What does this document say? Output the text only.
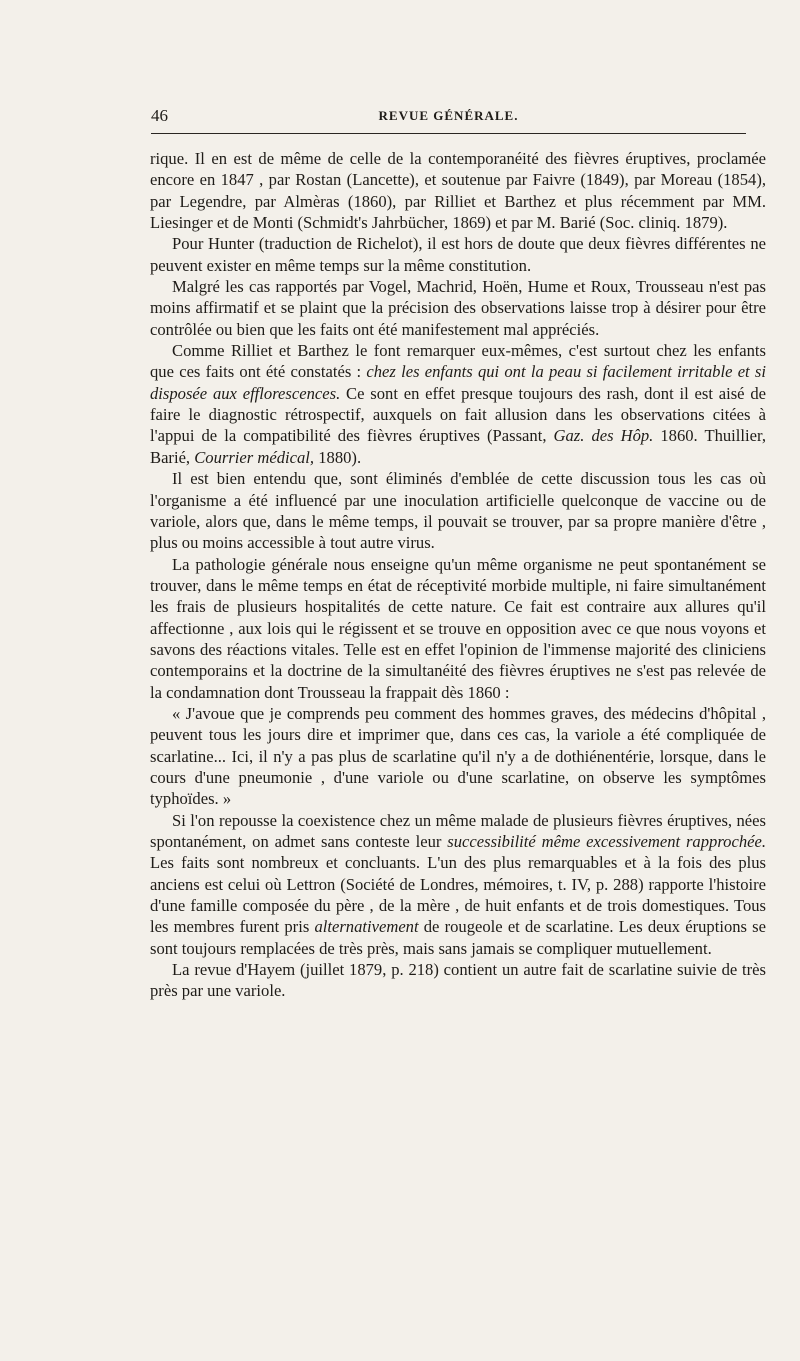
46	REVUE GÉNÉRALE.

rique. Il en est de même de celle de la contemporanéité des fièvres éruptives, proclamée encore en 1847 , par Rostan (Lancette), et soutenue par Faivre (1849), par Moreau (1854), par Legendre, par Almèras (1860), par Rilliet et Barthez et plus récemment par MM. Liesinger et de Monti (Schmidt's Jahrbücher, 1869) et par M. Barié (Soc. cliniq. 1879).

Pour Hunter (traduction de Richelot), il est hors de doute que deux fièvres différentes ne peuvent exister en même temps sur la même constitution.

Malgré les cas rapportés par Vogel, Machrid, Hoën, Hume et Roux, Trousseau n'est pas moins affirmatif et se plaint que la précision des observations laisse trop à désirer pour être contrôlée ou bien que les faits ont été manifestement mal appréciés.

Comme Rilliet et Barthez le font remarquer eux-mêmes, c'est surtout chez les enfants que ces faits ont été constatés : chez les enfants qui ont la peau si facilement irritable et si disposée aux efflorescences. Ce sont en effet presque toujours des rash, dont il est aisé de faire le diagnostic rétrospectif, auxquels on fait allusion dans les observations citées à l'appui de la compatibilité des fièvres éruptives (Passant, Gaz. des Hôp. 1860. Thuillier, Barié, Courrier médical, 1880).

Il est bien entendu que, sont éliminés d'emblée de cette discussion tous les cas où l'organisme a été influencé par une inoculation artificielle quelconque de vaccine ou de variole, alors que, dans le même temps, il pouvait se trouver, par sa propre manière d'être , plus ou moins accessible à tout autre virus.

La pathologie générale nous enseigne qu'un même organisme ne peut spontanément se trouver, dans le même temps en état de réceptivité morbide multiple, ni faire simultanément les frais de plusieurs hospitalités de cette nature. Ce fait est contraire aux allures qu'il affectionne , aux lois qui le régissent et se trouve en opposition avec ce que nous voyons et savons des réactions vitales. Telle est en effet l'opinion de l'immense majorité des cliniciens contemporains et la doctrine de la simultanéité des fièvres éruptives ne s'est pas relevée de la condamnation dont Trousseau la frappait dès 1860 :

« J'avoue que je comprends peu comment des hommes graves, des médecins d'hôpital , peuvent tous les jours dire et imprimer que, dans ces cas, la variole a été compliquée de scarlatine... Ici, il n'y a pas plus de scarlatine qu'il n'y a de dothiénentérie, lorsque, dans le cours d'une pneumonie , d'une variole ou d'une scarlatine, on observe les symptômes typhoïdes. »

Si l'on repousse la coexistence chez un même malade de plusieurs fièvres éruptives, nées spontanément, on admet sans conteste leur successibilité même excessivement rapprochée. Les faits sont nombreux et concluants. L'un des plus remarquables et à la fois des plus anciens est celui où Lettron (Société de Londres, mémoires, t. IV, p. 288) rapporte l'histoire d'une famille composée du père , de la mère , de huit enfants et de trois domestiques. Tous les membres furent pris alternativement de rougeole et de scarlatine. Les deux éruptions se sont toujours remplacées de très près, mais sans jamais se compliquer mutuellement.

La revue d'Hayem (juillet 1879, p. 218) contient un autre fait de scarlatine suivie de très près par une variole.
